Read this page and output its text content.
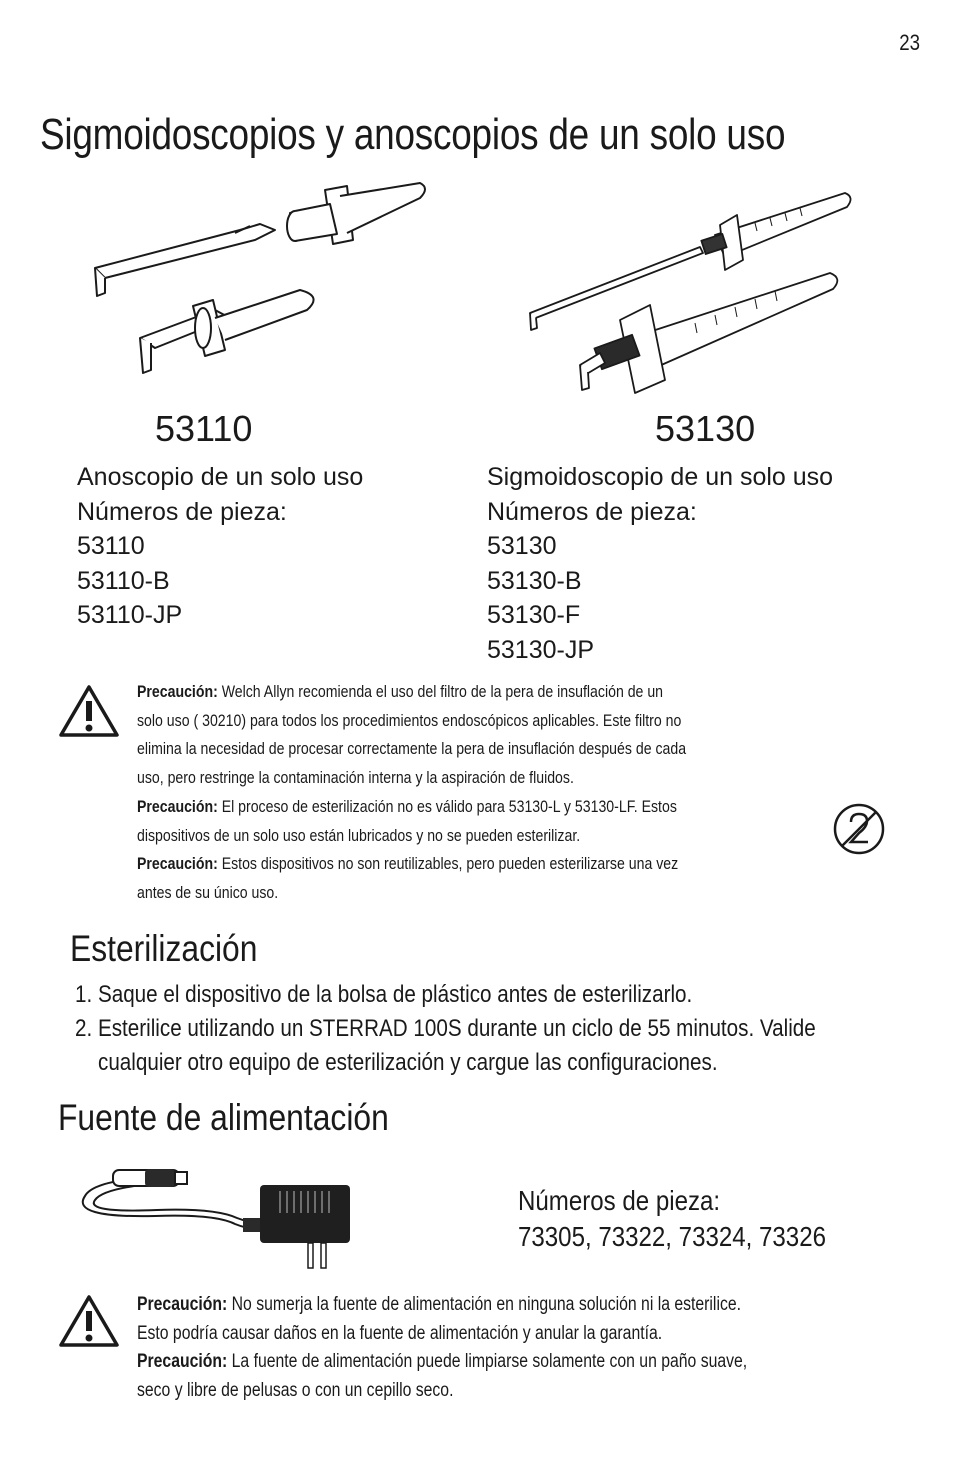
23
Sigmoidoscopios y anoscopios de un solo uso
53110	53130
Anoscopio de un solo uso
Números de pieza:
53110
53110-B
53110-JP
Sigmoidoscopio de un solo uso
Números de pieza:
53130
53130-B
53130-F
53130-JP
Precaución: Welch Allyn recomienda el uso del filtro de la pera de insuflación de un
solo uso ( 30210) para todos los procedimientos endoscópicos aplicables. Este filtro no
elimina la necesidad de procesar correctamente la pera de insuflación después de cada
uso, pero restringe la contaminación interna y la aspiración de fluidos.
Precaución: El proceso de esterilización no es válido para 53130-L y 53130-LF. Estos
dispositivos de un solo uso están lubricados y no se pueden esterilizar.
Precaución: Estos dispositivos no son reutilizables, pero pueden esterilizarse una vez
antes de su único uso.
Esterilización
1. Saque el dispositivo de la bolsa de plástico antes de esterilizarlo.
2. Esterilice utilizando un STERRAD 100S durante un ciclo de 55 minutos. Valide
cualquier otro equipo de esterilización y cargue las configuraciones.
Fuente de alimentación
Números de pieza:
73305, 73322, 73324, 73326
Precaución: No sumerja la fuente de alimentación en ninguna solución ni la esterilice.
Esto podría causar daños en la fuente de alimentación y anular la garantía.
Precaución: La fuente de alimentación puede limpiarse solamente con un paño suave,
seco y libre de pelusas o con un cepillo seco.
